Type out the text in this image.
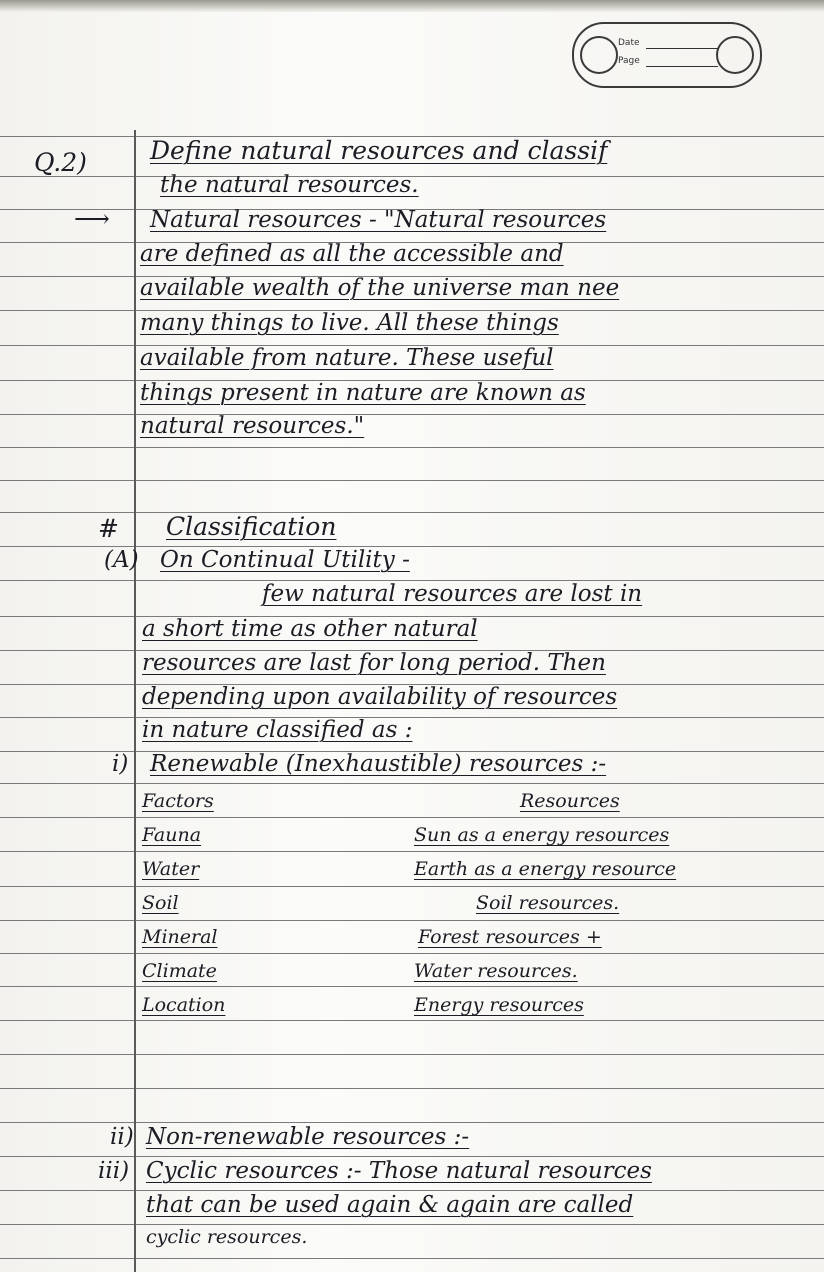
Date
Page
Q.2)	Define natural resources and classif
the natural resources.
⟶ Natural resources - "Natural resources
are defined as all the accessible and
available wealth of the universe man nee
many things to live. All these things
available from nature. These useful
things present in nature are known as
natural resources."
# Classification
(A) On Continual Utility -
few natural resources are lost in
a short time as other natural
resources are last for long period. Then
depending upon availability of resources
in nature classified as :
i) Renewable (Inexhaustible) resources :-
Factors	Resources
Fauna	Sun as a energy resources
Water	Earth as a energy resource
Soil	Soil resources.
Mineral	Forest resources +
Climate	Water resources.
Location	Energy resources
ii) Non-renewable resources :-
iii) Cyclic resources :- Those natural resources
that can be used again & again are called
cyclic resources.
